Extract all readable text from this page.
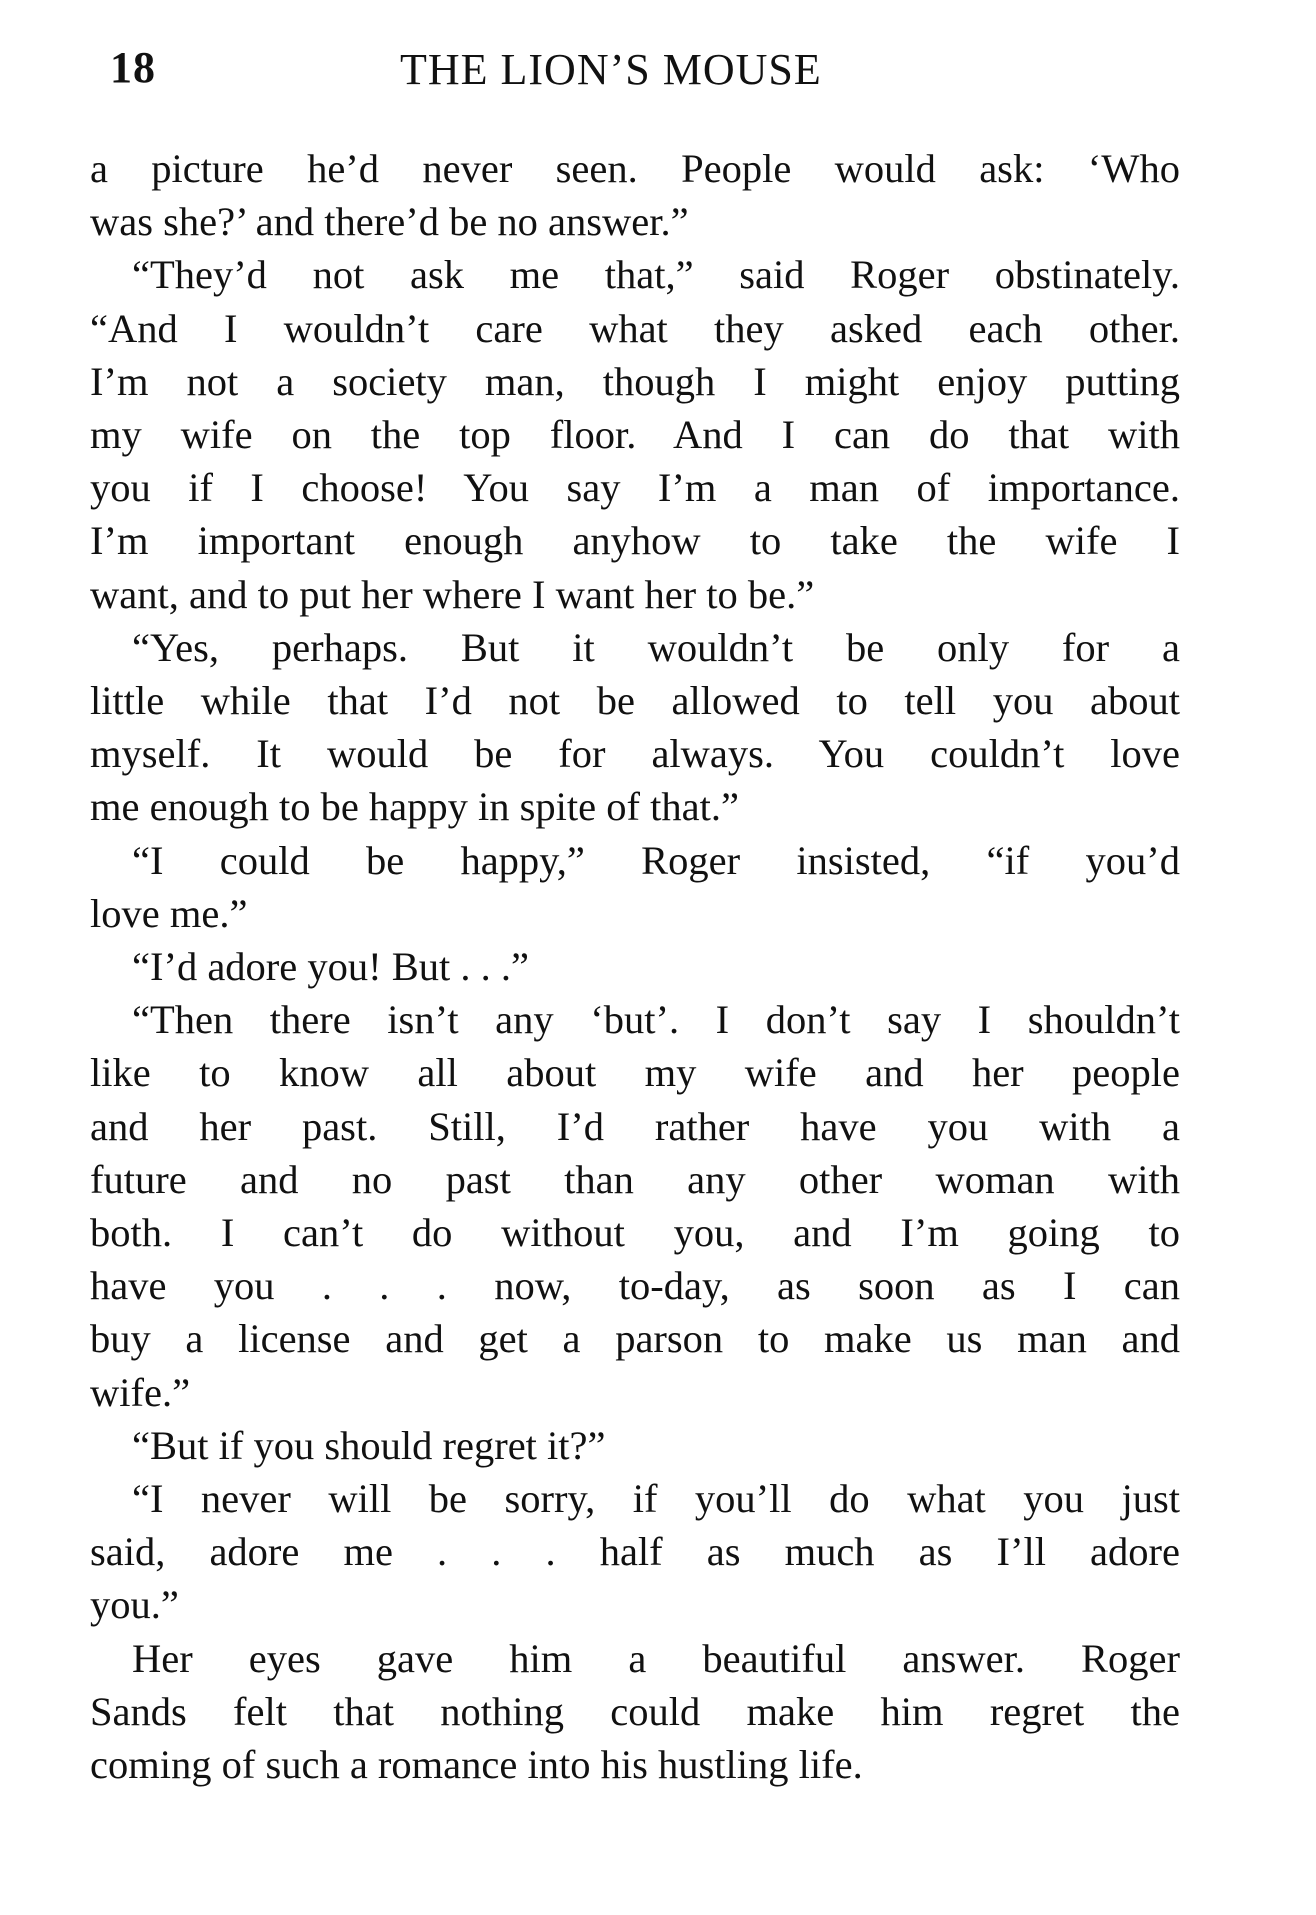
18	THE LION’S MOUSE
a picture he’d never seen. People would ask: ‘Who
was she?’ and there’d be no answer.”
“They’d not ask me that,” said Roger obstinately.
“And I wouldn’t care what they asked each other.
I’m not a society man, though I might enjoy putting
my wife on the top floor. And I can do that with
you if I choose! You say I’m a man of importance.
I’m important enough anyhow to take the wife I
want, and to put her where I want her to be.”
“Yes, perhaps. But it wouldn’t be only for a
little while that I’d not be allowed to tell you about
myself. It would be for always. You couldn’t love
me enough to be happy in spite of that.”
“I could be happy,” Roger insisted, “if you’d
love me.”
“I’d adore you! But . . .”
“Then there isn’t any ‘but’. I don’t say I shouldn’t
like to know all about my wife and her people
and her past. Still, I’d rather have you with a
future and no past than any other woman with
both. I can’t do without you, and I’m going to
have you . . . now, to-day, as soon as I can
buy a license and get a parson to make us man and
wife.”
“But if you should regret it?”
“I never will be sorry, if you’ll do what you just
said, adore me . . . half as much as I’ll adore
you.”
Her eyes gave him a beautiful answer. Roger
Sands felt that nothing could make him regret the
coming of such a romance into his hustling life.
